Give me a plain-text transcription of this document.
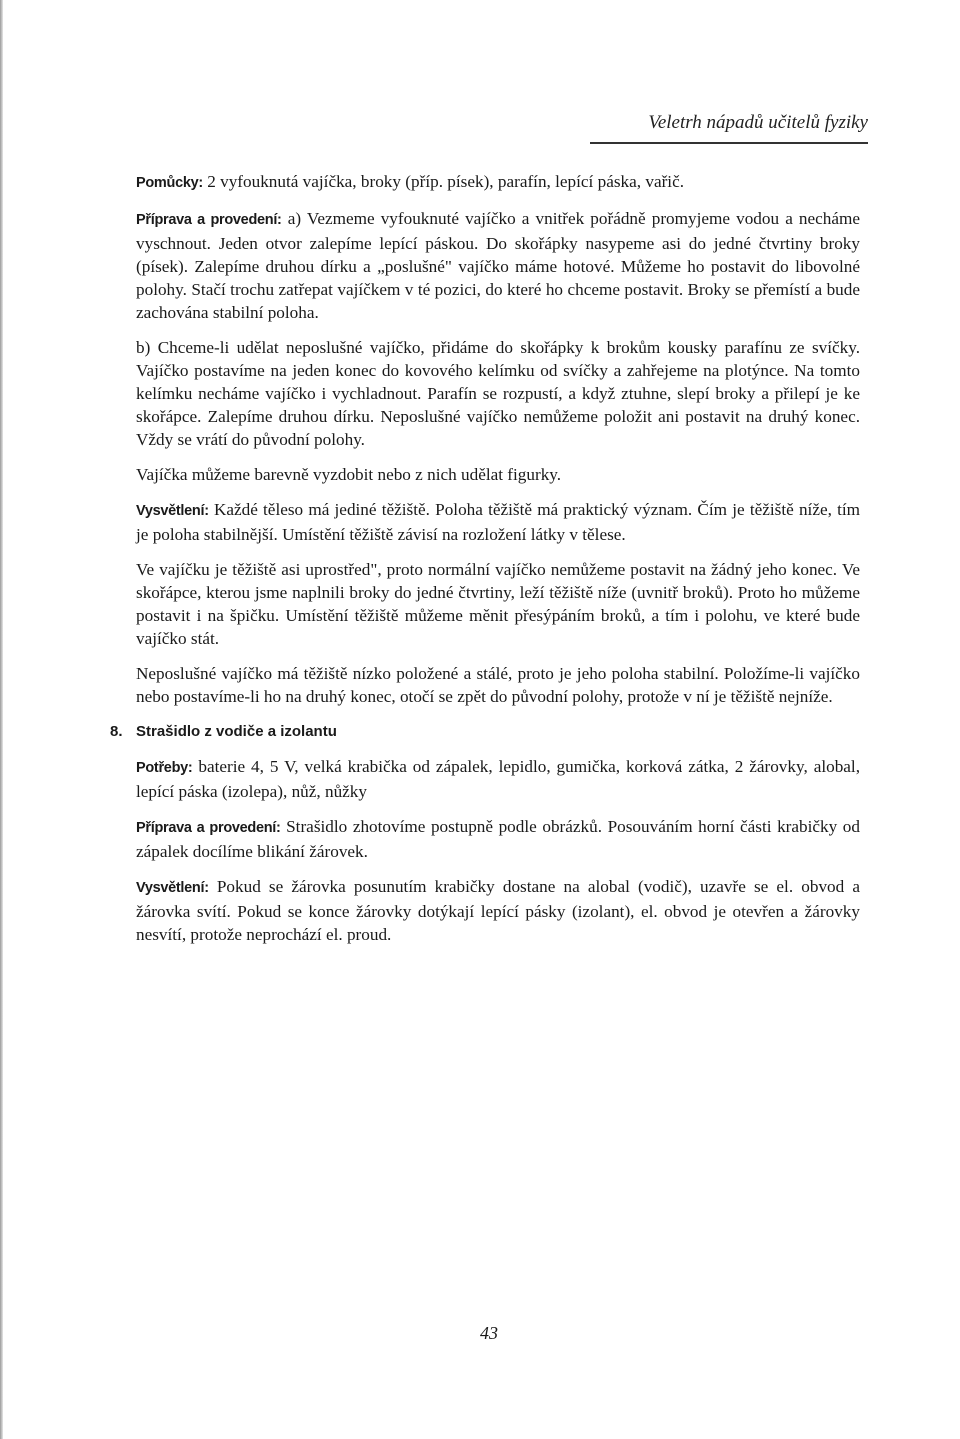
Veletrh nápadů učitelů fyziky

Pomůcky: 2 vyfouknutá vajíčka, broky (příp. písek), parafín, lepící páska, vařič.

Příprava a provedení: a) Vezmeme vyfouknuté vajíčko a vnitřek pořádně promyjeme vodou a necháme vyschnout. Jeden otvor zalepíme lepící páskou. Do skořápky nasypeme asi do jedné čtvrtiny broky (písek). Zalepíme druhou dírku a „poslušné" vajíčko máme hotové. Můžeme ho postavit do libovolné polohy. Stačí trochu zatřepat vajíčkem v té pozici, do které ho chceme postavit. Broky se přemístí a bude zachována stabilní poloha.

b) Chceme-li udělat neposlušné vajíčko, přidáme do skořápky k brokům kousky parafínu ze svíčky. Vajíčko postavíme na jeden konec do kovového kelímku od svíčky a zahřejeme na plotýnce. Na tomto kelímku necháme vajíčko i vychladnout. Parafín se rozpustí, a když ztuhne, slepí broky a přilepí je ke skořápce. Zalepíme druhou dírku. Neposlušné vajíčko nemůžeme položit ani postavit na druhý konec. Vždy se vrátí do původní polohy.

Vajíčka můžeme barevně vyzdobit nebo z nich udělat figurky.

Vysvětlení: Každé těleso má jediné těžiště. Poloha těžiště má praktický význam. Čím je těžiště níže, tím je poloha stabilnější. Umístění těžiště závisí na rozložení látky v tělese.

Ve vajíčku je těžiště asi uprostřed", proto normální vajíčko nemůžeme postavit na žádný jeho konec. Ve skořápce, kterou jsme naplnili broky do jedné čtvrtiny, leží těžiště níže (uvnitř broků). Proto ho můžeme postavit i na špičku. Umístění těžiště můžeme měnit přesýpáním broků, a tím i polohu, ve které bude vajíčko stát.

Neposlušné vajíčko má těžiště nízko položené a stálé, proto je jeho poloha stabilní. Položíme-li vajíčko nebo postavíme-li ho na druhý konec, otočí se zpět do původní polohy, protože v ní je těžiště nejníže.

8. Strašidlo z vodiče a izolantu

Potřeby: baterie 4, 5 V, velká krabička od zápalek, lepidlo, gumička, korková zátka, 2 žárovky, alobal, lepící páska (izolepa), nůž, nůžky

Příprava a provedení: Strašidlo zhotovíme postupně podle obrázků. Posouváním horní části krabičky od zápalek docílíme blikání žárovek.

Vysvětlení: Pokud se žárovka posunutím krabičky dostane na alobal (vodič), uzavře se el. obvod a žárovka svítí. Pokud se konce žárovky dotýkají lepící pásky (izolant), el. obvod je otevřen a žárovky nesvítí, protože neprochází el. proud.

43
